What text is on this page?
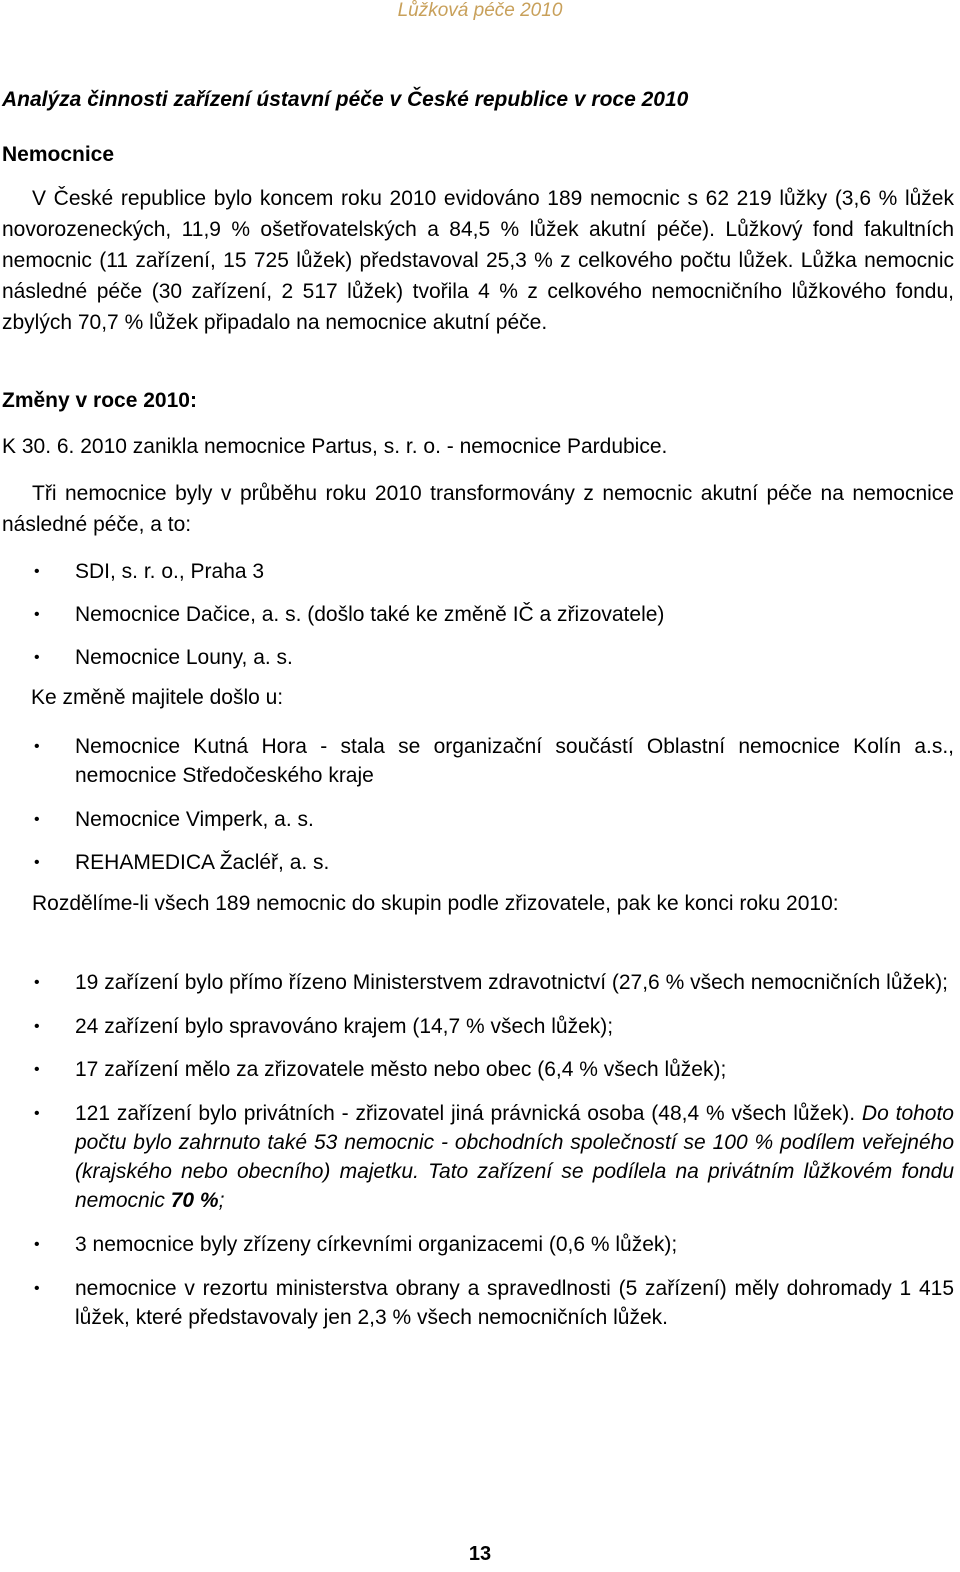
Lůžková péče 2010
Analýza činnosti zařízení ústavní péče v České republice v roce 2010
Nemocnice
V České republice bylo koncem roku 2010 evidováno 189 nemocnic s 62 219 lůžky (3,6 % lůžek novorozeneckých, 11,9 % ošetřovatelských a 84,5 % lůžek akutní péče). Lůžkový fond fakultních nemocnic (11 zařízení, 15 725 lůžek) představoval 25,3 % z celkového počtu lůžek. Lůžka nemocnic následné péče (30 zařízení, 2 517 lůžek) tvořila 4 % z celkového nemocničního lůžkového fondu, zbylých 70,7 % lůžek připadalo na nemocnice akutní péče.
Změny v roce 2010:
K 30. 6. 2010 zanikla nemocnice Partus, s. r. o. - nemocnice Pardubice.
Tři nemocnice byly v průběhu roku 2010 transformovány z nemocnic akutní péče na nemocnice následné péče, a to:
• SDI, s. r. o., Praha 3
• Nemocnice Dačice, a. s. (došlo také ke změně IČ a zřizovatele)
• Nemocnice Louny, a. s.
Ke změně majitele došlo u:
• Nemocnice Kutná Hora - stala se organizační součástí Oblastní nemocnice Kolín a.s., nemocnice Středočeského kraje
• Nemocnice Vimperk, a. s.
• REHAMEDICA Žacléř, a. s.
Rozdělíme-li všech 189 nemocnic do skupin podle zřizovatele, pak ke konci roku 2010:
• 19 zařízení bylo přímo řízeno Ministerstvem zdravotnictví (27,6 % všech nemocničních lůžek);
• 24 zařízení bylo spravováno krajem (14,7 % všech lůžek);
• 17 zařízení mělo za zřizovatele město nebo obec (6,4 % všech lůžek);
• 121 zařízení bylo privátních - zřizovatel jiná právnická osoba (48,4 % všech lůžek). Do tohoto počtu bylo zahrnuto také 53 nemocnic - obchodních společností se 100 % podílem veřejného (krajského nebo obecního) majetku. Tato zařízení se podílela na privátním lůžkovém fondu nemocnic 70 %;
• 3 nemocnice byly zřízeny církevními organizacemi (0,6 % lůžek);
• nemocnice v rezortu ministerstva obrany a spravedlnosti (5 zařízení) měly dohromady 1 415 lůžek, které představovaly jen 2,3 % všech nemocničních lůžek.
13
